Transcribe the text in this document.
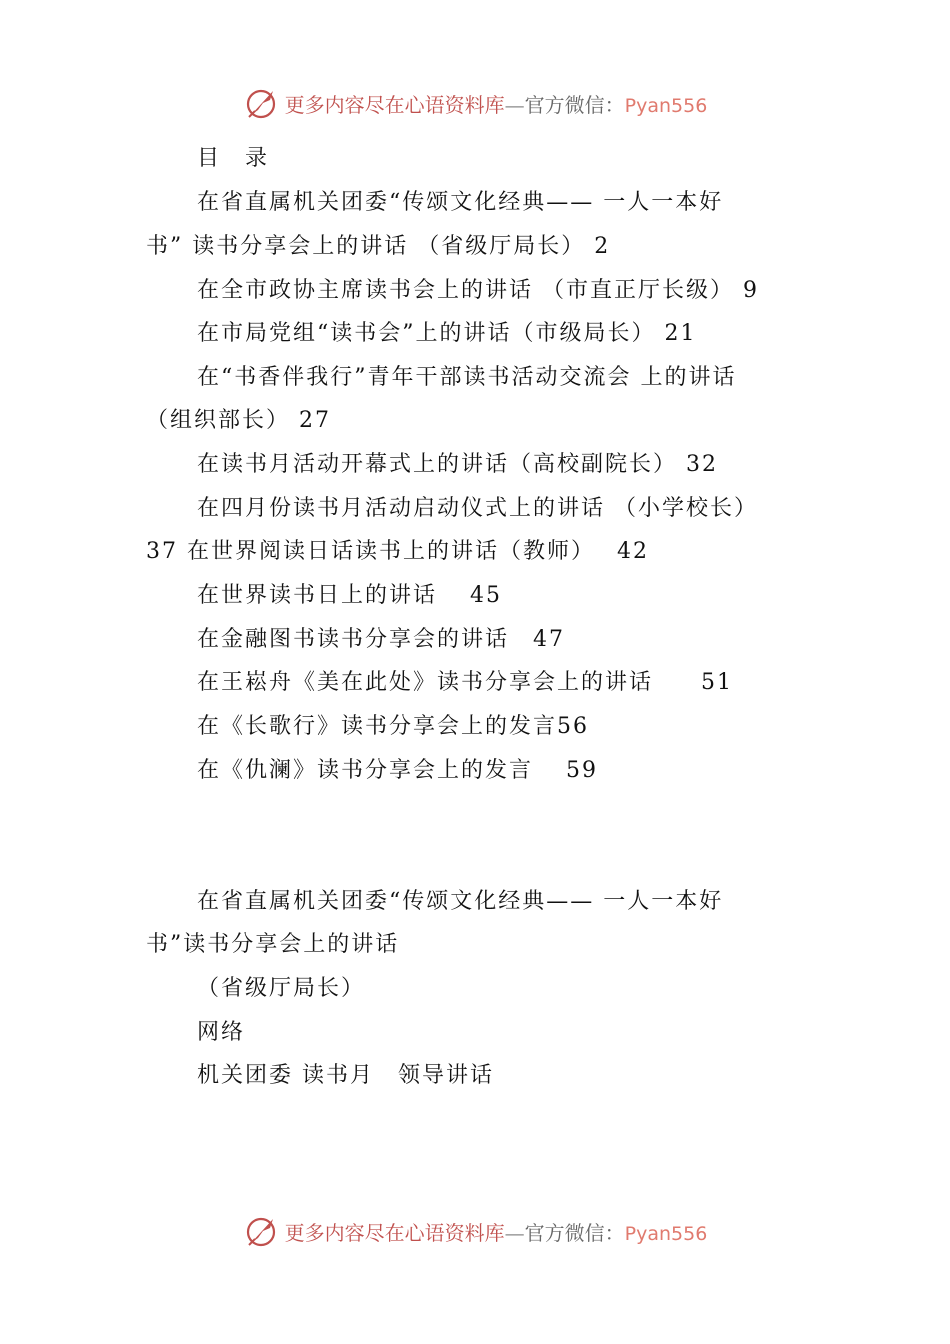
更多内容尽在心语资料库—官方微信：Pyan556
目　录
在省直属机关团委“传颂文化经典—— 一人一本好
书” 读书分享会上的讲话 （省级厅局长） 2
在全市政协主席读书会上的讲话 （市直正厅长级） 9
在市局党组“读书会”上的讲话（市级局长） 21
在“书香伴我行”青年干部读书活动交流会 上的讲话
（组织部长） 27
在读书月活动开幕式上的讲话（高校副院长） 32
在四月份读书月活动启动仪式上的讲话 （小学校长）
37 在世界阅读日话读书上的讲话（教师）　 42
在世界读书日上的讲话　 45
在金融图书读书分享会的讲话　47
在王崧舟《美在此处》读书分享会上的讲话　　51
在《长歌行》读书分享会上的发言56
在《仇澜》读书分享会上的发言　 59
在省直属机关团委“传颂文化经典—— 一人一本好
书”读书分享会上的讲话
（省级厅局长）
网络
机关团委 读书月　领导讲话
更多内容尽在心语资料库—官方微信：Pyan556
